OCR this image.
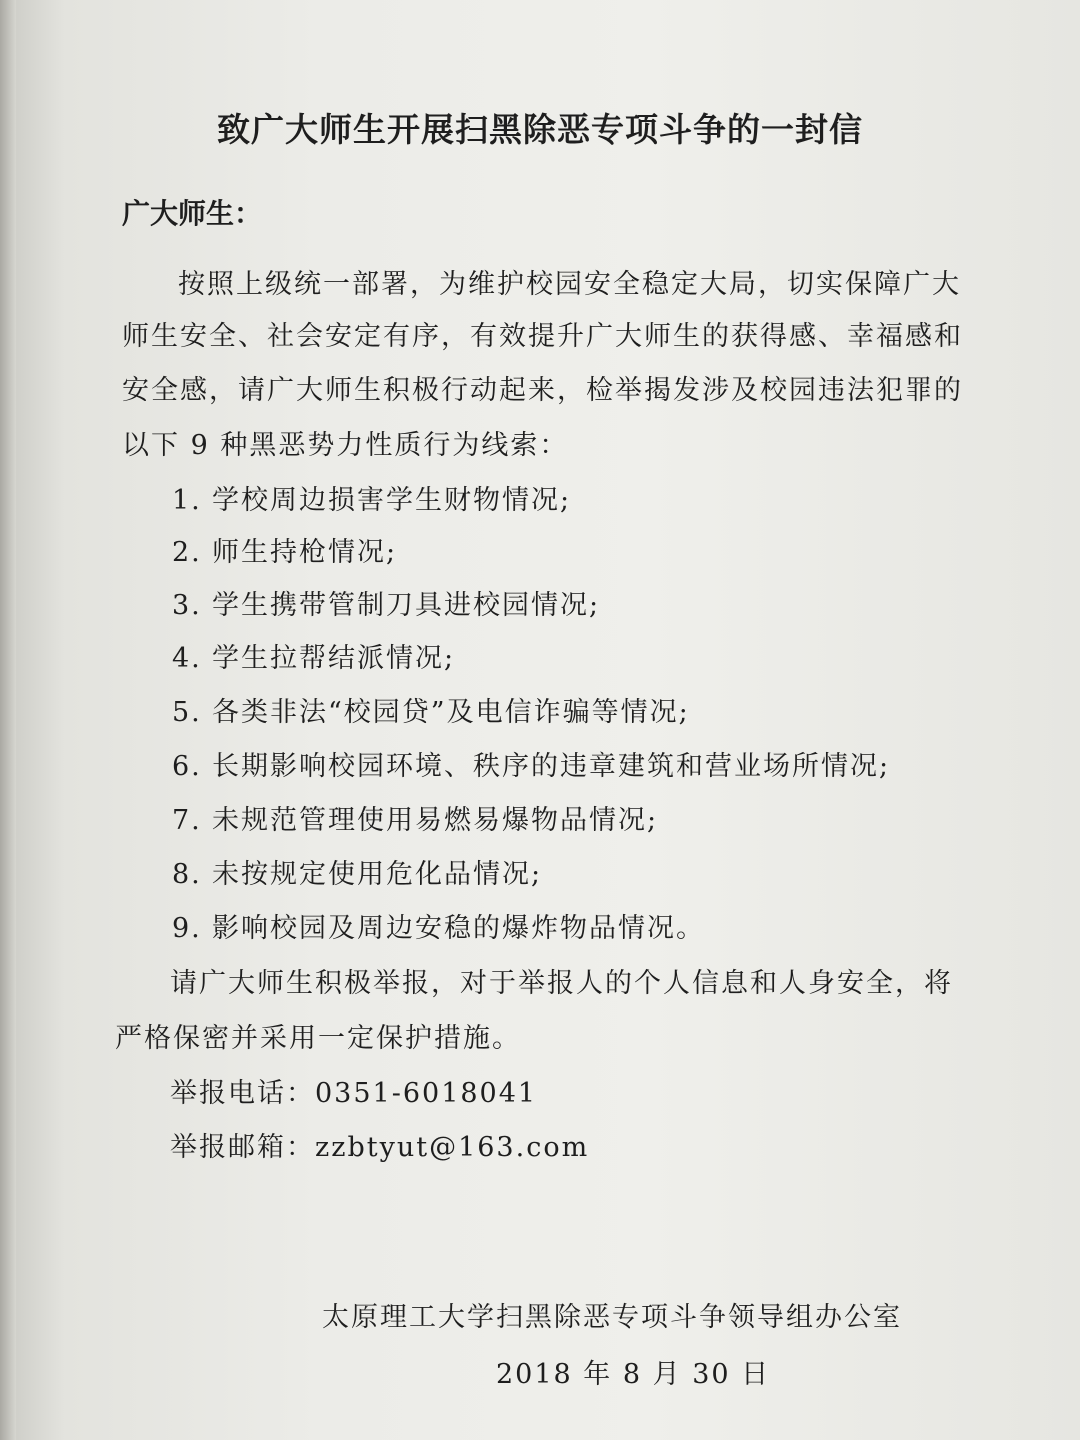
致广大师生开展扫黑除恶专项斗争的一封信
广大师生：
按照上级统一部署，为维护校园安全稳定大局，切实保障广大
师生安全、社会安定有序，有效提升广大师生的获得感、幸福感和
安全感，请广大师生积极行动起来，检举揭发涉及校园违法犯罪的
以下 9 种黑恶势力性质行为线索：
1. 学校周边损害学生财物情况;
2. 师生持枪情况;
3. 学生携带管制刀具进校园情况;
4. 学生拉帮结派情况;
5. 各类非法“校园贷”及电信诈骗等情况;
6. 长期影响校园环境、秩序的违章建筑和营业场所情况;
7. 未规范管理使用易燃易爆物品情况;
8. 未按规定使用危化品情况;
9. 影响校园及周边安稳的爆炸物品情况。
请广大师生积极举报，对于举报人的个人信息和人身安全，将
严格保密并采用一定保护措施。
举报电话：0351-6018041
举报邮箱：zzbtyut@163.com
太原理工大学扫黑除恶专项斗争领导组办公室
2018 年 8 月 30 日
